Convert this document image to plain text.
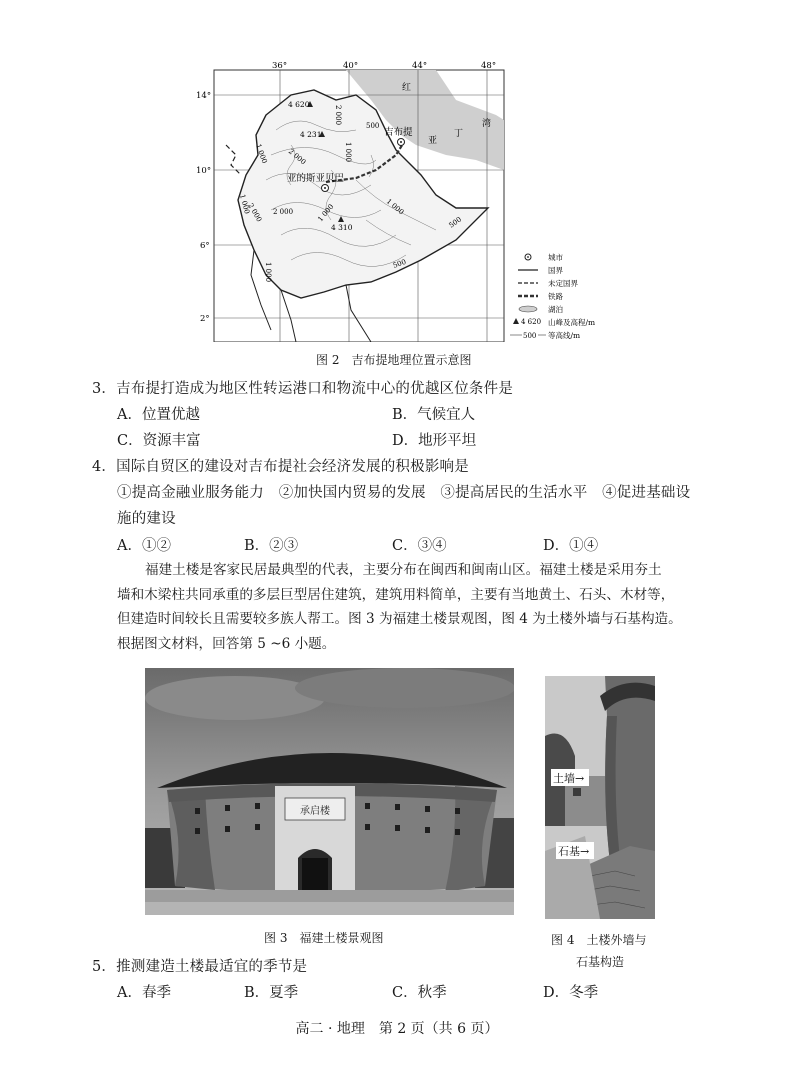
36°	40°	44°	48°
14°
10°
6°
2°
吉布提
亚的斯亚贝巴
红
亚
丁
湾
4 620
4 231
4 310
2 000
500
1 000	2 000	1 000
1 000
2 000	1 000
2 000
500
1 000	500
1 000
城市
国界
未定国界
铁路
湖泊
4 620 山峰及高程/m
500 等高线/m
图 2　吉布提地理位置示意图
3．吉布提打造成为地区性转运港口和物流中心的优越区位条件是
A．位置优越	B．气候宜人
C．资源丰富	D．地形平坦
4．国际自贸区的建设对吉布提社会经济发展的积极影响是
①提高金融业服务能力　②加快国内贸易的发展　③提高居民的生活水平　④促进基础设
施的建设
A．①②	B．②③	C．③④	D．①④

福建土楼是客家民居最典型的代表，主要分布在闽西和闽南山区。福建土楼是采用夯土

墙和木梁柱共同承重的多层巨型居住建筑，建筑用料简单，主要有当地黄土、石头、木材等，

但建造时间较长且需要较多族人帮工。图 3 为福建土楼景观图，图 4 为土楼外墙与石基构造。

根据图文材料，回答第 5 ~6 小题。

承启楼
图 3　福建土楼景观图
土墙→
石基→
图 4　土楼外墙与
石基构造
5．推测建造土楼最适宜的季节是
A．春季	B．夏季	C．秋季	D．冬季
高二 · 地理　第 2 页（共 6 页）
